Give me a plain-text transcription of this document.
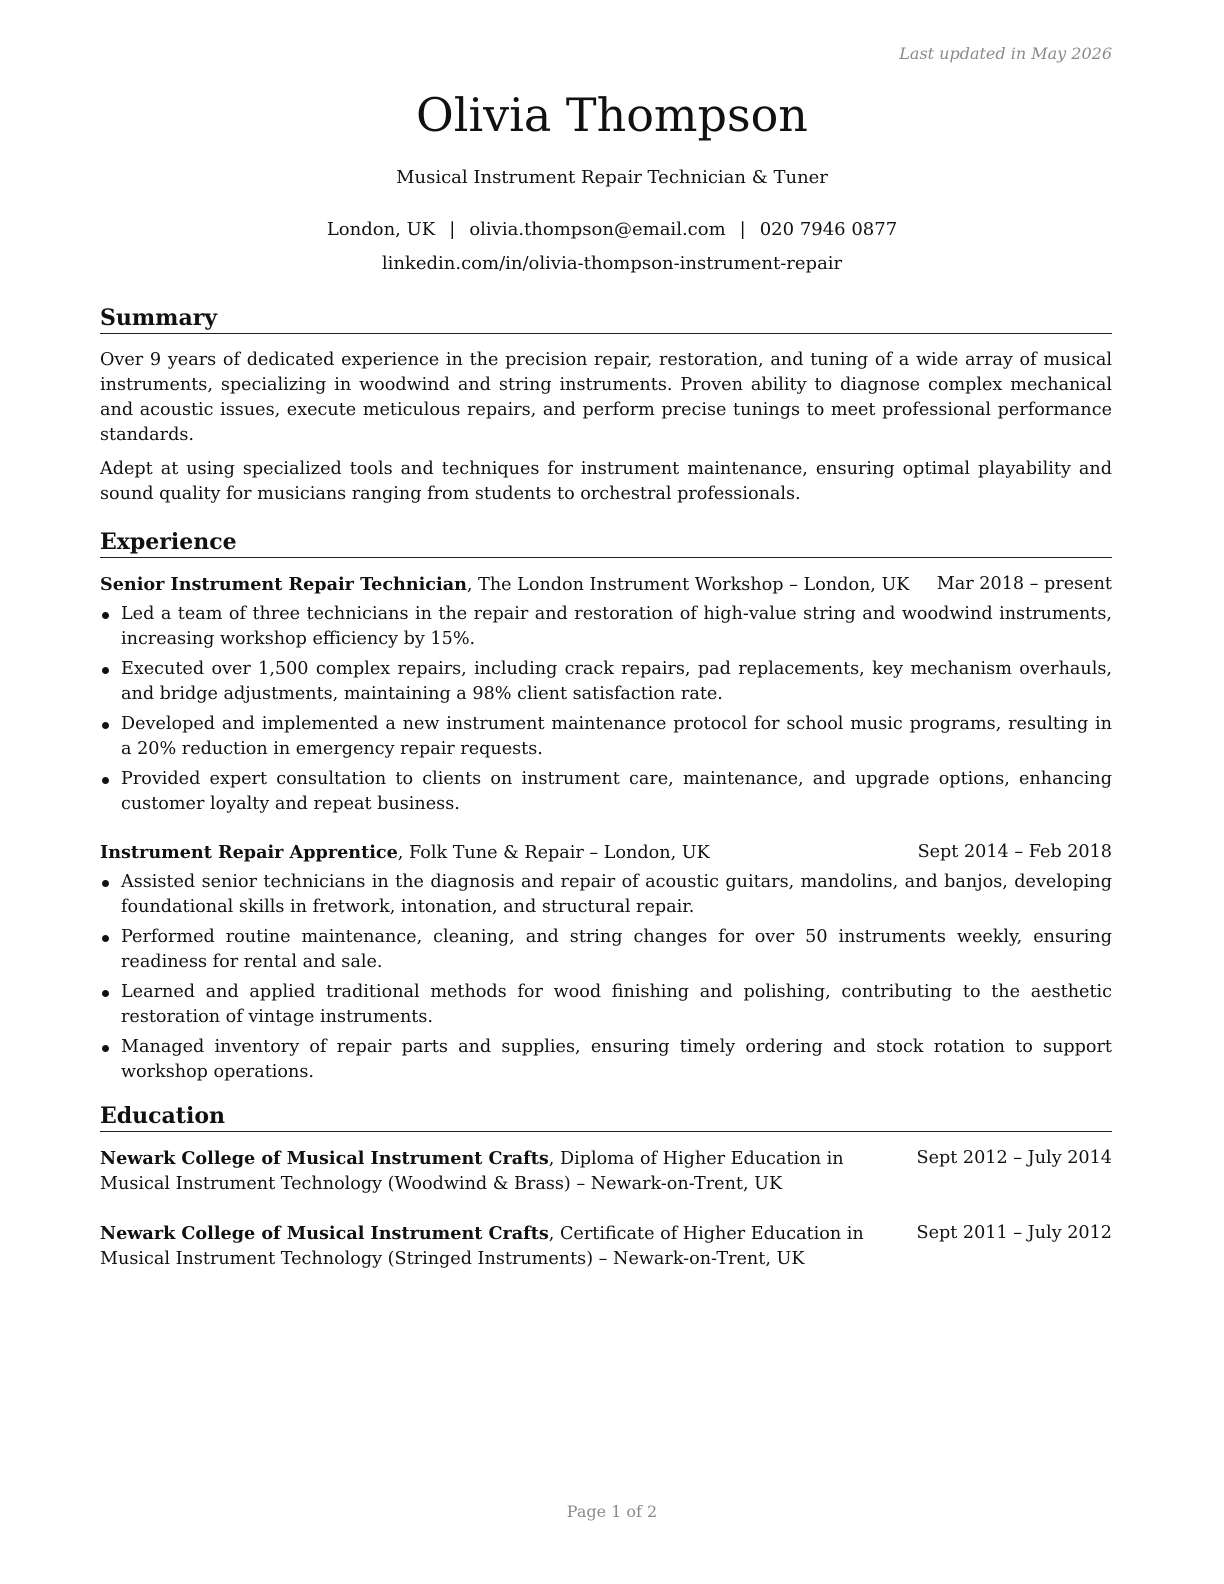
Last updated in May 2026
Olivia Thompson
Musical Instrument Repair Technician & Tuner
London, UK | olivia.thompson@email.com | 020 7946 0877
linkedin.com/in/olivia-thompson-instrument-repair
Summary

Over 9 years of dedicated experience in the precision repair, restoration, and tuning of a wide array of musical instruments, specializing in woodwind and string instruments. Proven ability to diagnose complex mechanical and acoustic issues, execute meticulous repairs, and perform precise tunings to meet professional performance standards.

Adept at using specialized tools and techniques for instrument maintenance, ensuring optimal playability and sound quality for musicians ranging from students to orchestral professionals.

Experience
Senior Instrument Repair Technician, The London Instrument Workshop – London, UK	Mar 2018 – present
Led a team of three technicians in the repair and restoration of high-value string and woodwind instruments, increasing workshop efficiency by 15%.
Executed over 1,500 complex repairs, including crack repairs, pad replacements, key mechanism overhauls, and bridge adjustments, maintaining a 98% client satisfaction rate.
Developed and implemented a new instrument maintenance protocol for school music programs, resulting in a 20% reduction in emergency repair requests.
Provided expert consultation to clients on instrument care, maintenance, and upgrade options, enhancing customer loyalty and repeat business.
Instrument Repair Apprentice, Folk Tune & Repair – London, UK	Sept 2014 – Feb 2018
Assisted senior technicians in the diagnosis and repair of acoustic guitars, mandolins, and banjos, developing foundational skills in fretwork, intonation, and structural repair.
Performed routine maintenance, cleaning, and string changes for over 50 instruments weekly, ensuring readiness for rental and sale.
Learned and applied traditional methods for wood finishing and polishing, contributing to the aesthetic restoration of vintage instruments.
Managed inventory of repair parts and supplies, ensuring timely ordering and stock rotation to support workshop operations.
Education
Newark College of Musical Instrument Crafts, Diploma of Higher Education in Musical Instrument Technology (Woodwind & Brass) – Newark-on-Trent, UK
Sept 2012 – July 2014
Newark College of Musical Instrument Crafts, Certificate of Higher Education in Musical Instrument Technology (Stringed Instruments) – Newark-on-Trent, UK
Sept 2011 – July 2012
Page 1 of 2
